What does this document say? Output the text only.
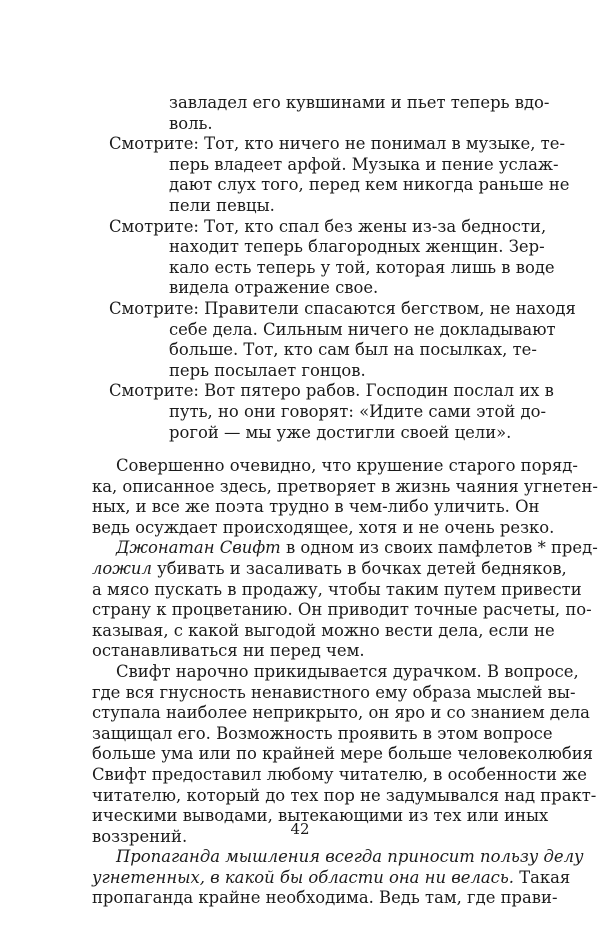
завладел его кувшинами и пьет теперь вдо-
воль.
Смотрите: Тот, кто ничего не понимал в музыке, те-
перь владеет арфой. Музыка и пение услаж-
дают слух того, перед кем никогда раньше не
пели певцы.
Смотрите: Тот, кто спал без жены из-за бедности,
находит теперь благородных женщин. Зер-
кало есть теперь у той, которая лишь в воде
видела отражение свое.
Смотрите: Правители спасаются бегством, не находя
себе дела. Сильным ничего не докладывают
больше. Тот, кто сам был на посылках, те-
перь посылает гонцов.
Смотрите: Вот пятеро рабов. Господин послал их в
путь, но они говорят: «Идите сами этой до-
рогой — мы уже достигли своей цели».
Совершенно очевидно, что крушение старого поряд-
ка, описанное здесь, претворяет в жизнь чаяния угнетен-
ных, и все же поэта трудно в чем-либо уличить. Он
ведь осуждает происходящее, хотя и не очень резко.
Джонатан Свифт в одном из своих памфлетов * пред-
ложил убивать и засаливать в бочках детей бедняков,
а мясо пускать в продажу, чтобы таким путем привести
страну к процветанию. Он приводит точные расчеты, по-
казывая, с какой выгодой можно вести дела, если не
останавливаться ни перед чем.
Свифт нарочно прикидывается дурачком. В вопросе,
где вся гнусность ненавистного ему образа мыслей вы-
ступала наиболее неприкрыто, он яро и со знанием дела
защищал его. Возможность проявить в этом вопросе
больше ума или по крайней мере больше человеколюбия
Свифт предоставил любому читателю, в особенности же
читателю, который до тех пор не задумывался над практ-
ическими выводами, вытекающими из тех или иных
воззрений.
Пропаганда мышления всегда приносит пользу делу
угнетенных, в какой бы области она ни велась. Такая
пропаганда крайне необходима. Ведь там, где прави-
42
